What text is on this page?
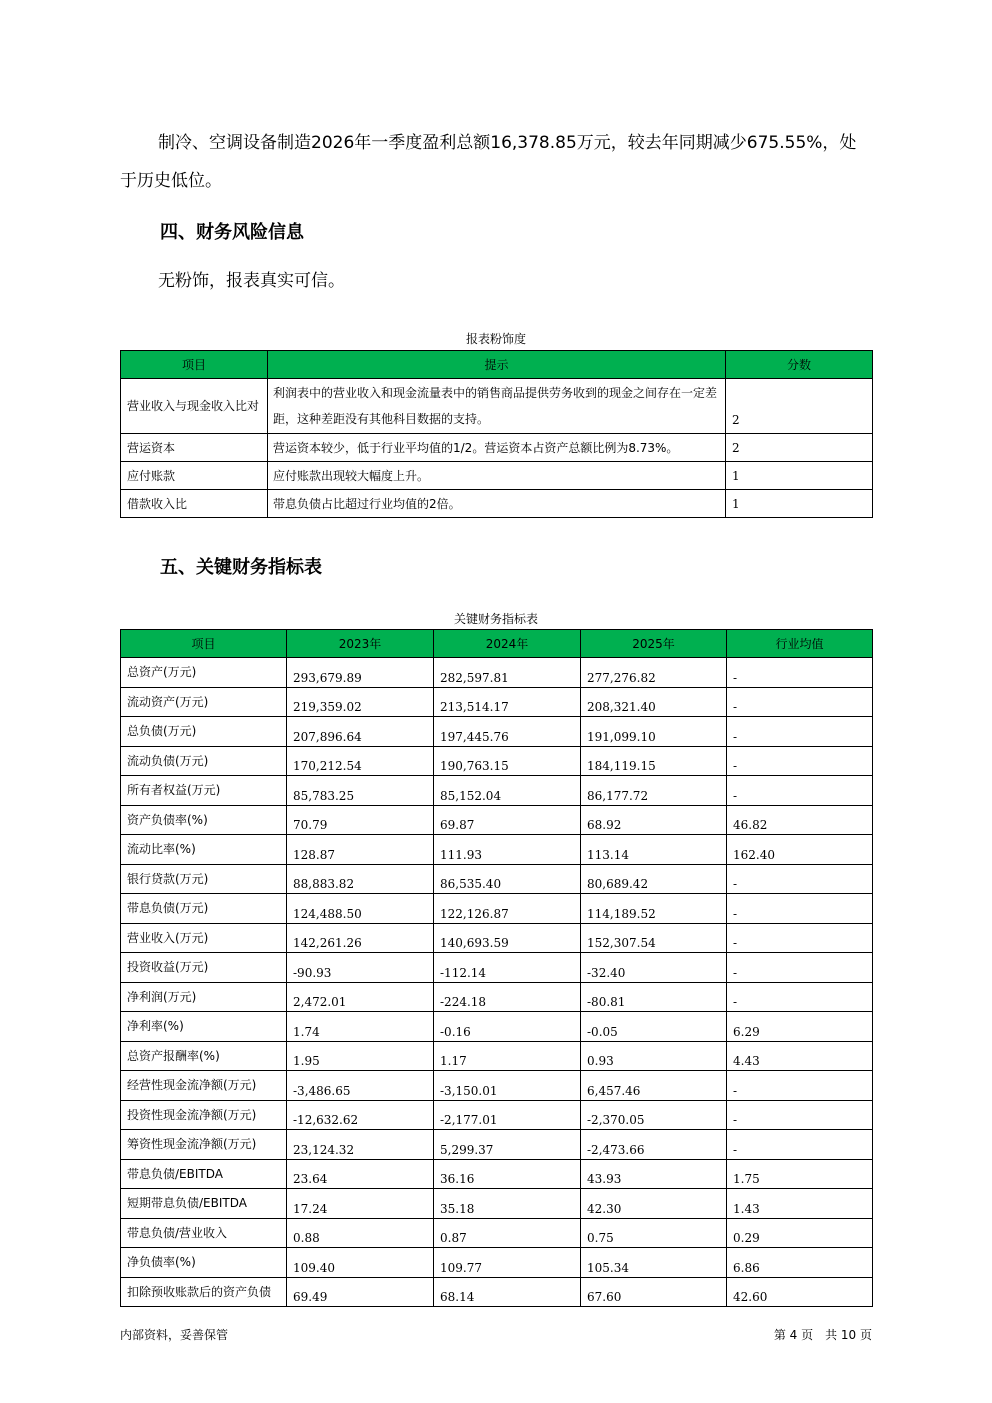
制冷、空调设备制造2026年一季度盈利总额16,378.85万元，较去年同期减少675.55%，处于历史低位。
四、财务风险信息
无粉饰，报表真实可信。
报表粉饰度
项目	提示	分数
营业收入与现金收入比对	利润表中的营业收入和现金流量表中的销售商品提供劳务收到的现金之间存在一定差距，这种差距没有其他科目数据的支持。	2
营运资本	营运资本较少，低于行业平均值的1/2。营运资本占资产总额比例为8.73%。	2
应付账款	应付账款出现较大幅度上升。	1
借款收入比	带息负债占比超过行业均值的2倍。	1
五、关键财务指标表
关键财务指标表
项目	2023年	2024年	2025年	行业均值
总资产(万元)	293,679.89	282,597.81	277,276.82	-
流动资产(万元)	219,359.02	213,514.17	208,321.40	-
总负债(万元)	207,896.64	197,445.76	191,099.10	-
流动负债(万元)	170,212.54	190,763.15	184,119.15	-
所有者权益(万元)	85,783.25	85,152.04	86,177.72	-
资产负债率(%)	70.79	69.87	68.92	46.82
流动比率(%)	128.87	111.93	113.14	162.40
银行贷款(万元)	88,883.82	86,535.40	80,689.42	-
带息负债(万元)	124,488.50	122,126.87	114,189.52	-
营业收入(万元)	142,261.26	140,693.59	152,307.54	-
投资收益(万元)	-90.93	-112.14	-32.40	-
净利润(万元)	2,472.01	-224.18	-80.81	-
净利率(%)	1.74	-0.16	-0.05	6.29
总资产报酬率(%)	1.95	1.17	0.93	4.43
经营性现金流净额(万元)	-3,486.65	-3,150.01	6,457.46	-
投资性现金流净额(万元)	-12,632.62	-2,177.01	-2,370.05	-
筹资性现金流净额(万元)	23,124.32	5,299.37	-2,473.66	-
带息负债/EBITDA	23.64	36.16	43.93	1.75
短期带息负债/EBITDA	17.24	35.18	42.30	1.43
带息负债/营业收入	0.88	0.87	0.75	0.29
净负债率(%)	109.40	109.77	105.34	6.86
扣除预收账款后的资产负债	69.49	68.14	67.60	42.60
内部资料，妥善保管	第 4 页　共 10 页
